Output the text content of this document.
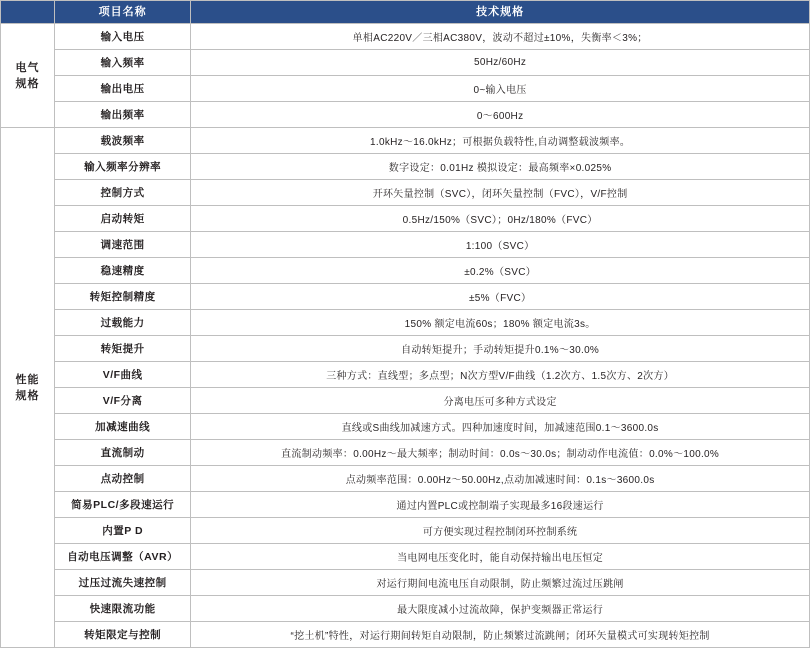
	项目名称	技术规格

电气
规格	输入电压	单相AC220V／三相AC380V，波动不超过±10%，失衡率＜3%；
	输入频率	50Hz/60Hz
	输出电压	0~输入电压
	输出频率	0～600Hz

性能
规格	载波频率	1.0kHz～16.0kHz；可根据负载特性,自动调整载波频率。
	输入频率分辨率	数字设定：0.01Hz 模拟设定：最高频率×0.025%
	控制方式	开环矢量控制（SVC），闭环矢量控制（FVC），V/F控制
	启动转矩	0.5Hz/150%（SVC）；0Hz/180%（FVC）
	调速范围	1:100（SVC）
	稳速精度	±0.2%（SVC）
	转矩控制精度	±5%（FVC）
	过载能力	150% 额定电流60s；180% 额定电流3s。
	转矩提升	自动转矩提升；手动转矩提升0.1%～30.0%
	V/F曲线	三种方式：直线型；多点型；N次方型V/F曲线（1.2次方、1.5次方、2次方）
	V/F分离	分离电压可多种方式设定
	加减速曲线	直线或S曲线加减速方式。四种加速度时间，加减速范围0.1～3600.0s
	直流制动	直流制动频率：0.00Hz～最大频率；制动时间：0.0s～30.0s；制动动作电流值：0.0%～100.0%
	点动控制	点动频率范围：0.00Hz～50.00Hz,点动加减速时间：0.1s～3600.0s
	简易PLC/多段速运行	通过内置PLC或控制端子实现最多16段速运行
	内置P D	可方便实现过程控制闭环控制系统
	自动电压调整（AVR）	当电网电压变化时，能自动保持输出电压恒定
	过压过流失速控制	对运行期间电流电压自动限制，防止频繁过流过压跳闸
	快速限流功能	最大限度减小过流故障，保护变频器正常运行
	转矩限定与控制	“挖土机”特性，对运行期间转矩自动限制，防止频繁过流跳闸；闭环矢量模式可实现转矩控制
